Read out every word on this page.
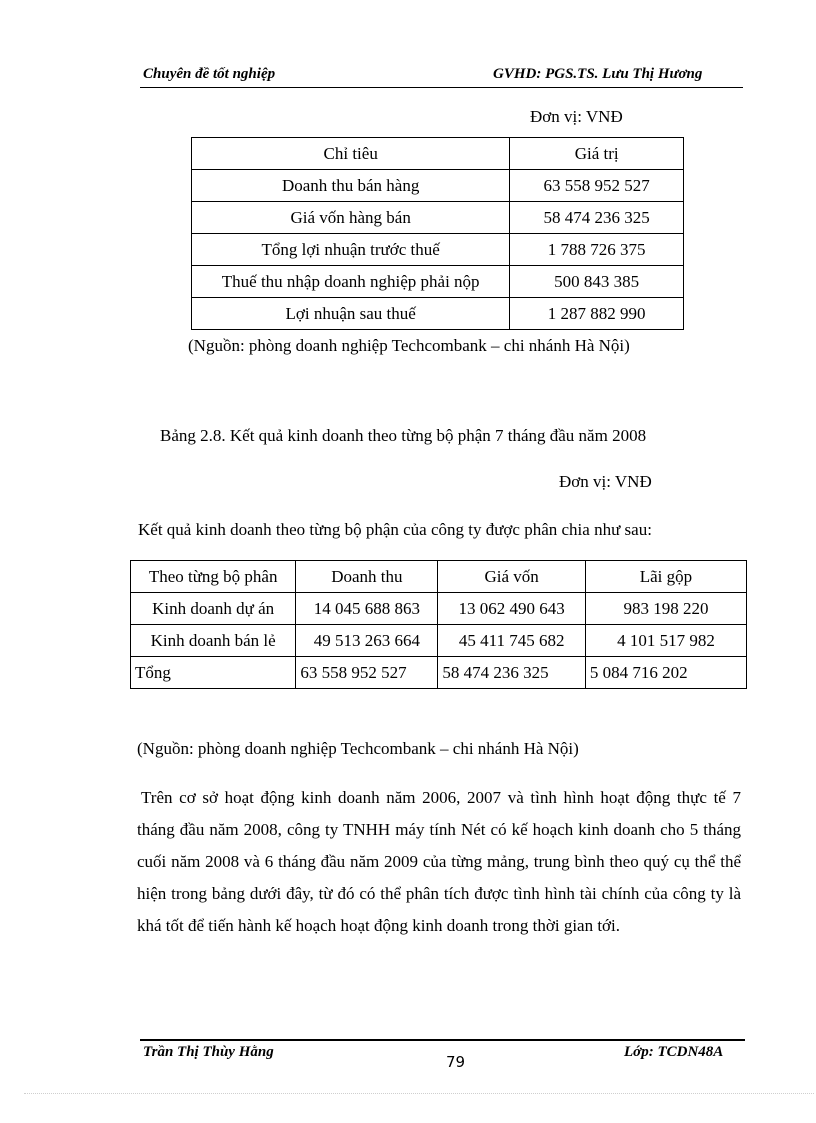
Chuyên đề tốt nghiệp	GVHD: PGS.TS. Lưu Thị Hương
Đơn vị: VNĐ
Chỉ tiêu	Giá trị
Doanh thu bán hàng	63 558 952 527
Giá vốn hàng bán	58 474 236 325
Tổng lợi nhuận trước thuế	1 788 726 375
Thuế thu nhập doanh nghiệp phải nộp	500 843 385
Lợi nhuận sau thuế	1 287 882 990
(Nguồn: phòng doanh nghiệp Techcombank – chi nhánh Hà Nội)
Bảng 2.8. Kết quả kinh doanh theo từng bộ phận 7 tháng đầu năm 2008
Đơn vị: VNĐ
Kết quả kinh doanh theo từng bộ phận của công ty được phân chia như sau:
Theo từng bộ phân	Doanh thu	Giá vốn	Lãi gộp
Kinh doanh dự án	14 045 688 863	13 062 490 643	983 198 220
Kinh doanh bán lẻ	49 513 263 664	45 411 745 682	4 101 517 982
Tổng	63 558 952 527	58 474 236 325	5 084 716 202
(Nguồn: phòng doanh nghiệp Techcombank – chi nhánh Hà Nội)
Trên cơ sở hoạt động kinh doanh năm 2006, 2007 và tình hình hoạt động thực tế 7 tháng đầu năm 2008, công ty TNHH máy tính Nét có kế hoạch kinh doanh cho 5 tháng cuối năm 2008 và 6 tháng đầu năm 2009 của từng mảng, trung bình theo quý cụ thể thể hiện trong bảng dưới đây, từ đó có thể phân tích được tình hình tài chính của công ty là khá tốt để tiến hành kế hoạch hoạt động kinh doanh trong thời gian tới.
Trần Thị Thùy Hằng
79
Lớp: TCDN48A
